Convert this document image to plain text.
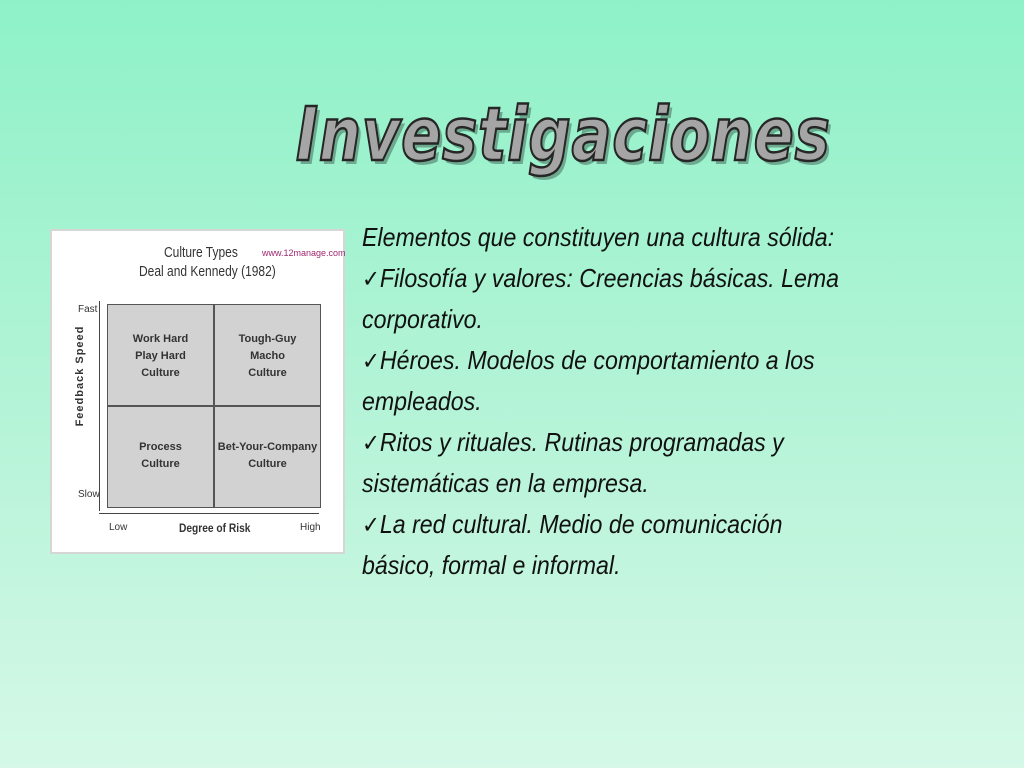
Investigaciones
Culture Types
Deal and Kennedy (1982)
www.12manage.com
Fast
Slow
Feedback Speed	Work Hard
Play Hard
Culture
Tough-Guy
Macho
Culture
Process
Culture
Bet-Your-Company
Culture
Low	Degree of Risk	High
Elementos que constituyen una cultura sólida:
✓Filosofía y valores: Creencias básicas. Lema
corporativo.
✓Héroes. Modelos de comportamiento a los
empleados.
✓Ritos y rituales. Rutinas programadas y
sistemáticas en la empresa.
✓La red cultural. Medio de comunicación
básico, formal e informal.
